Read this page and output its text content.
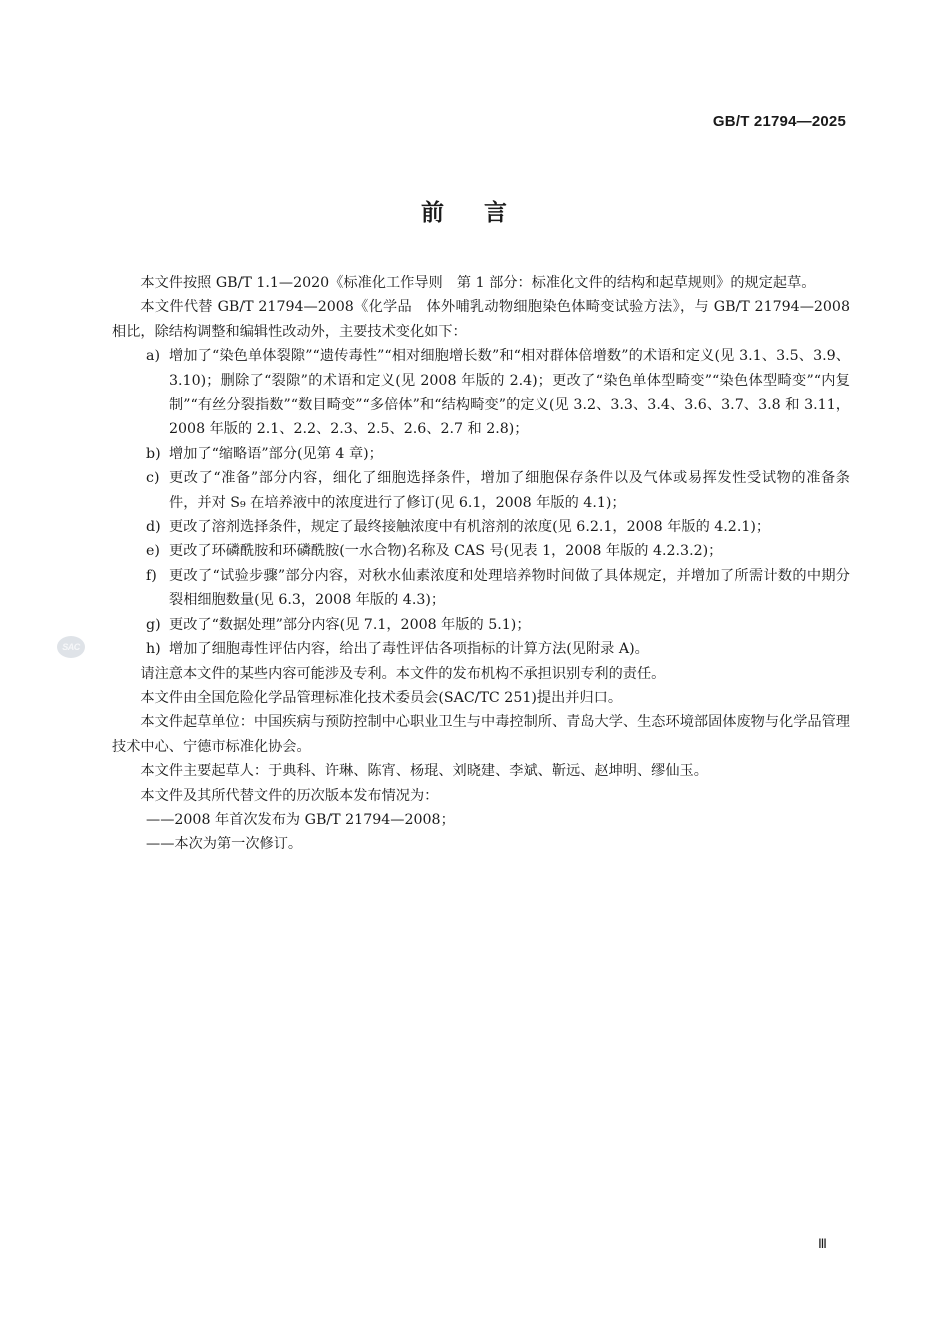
GB/T 21794—2025
前言
SAC

本文件按照 GB/T 1.1—2020《标准化工作导则　第 1 部分：标准化文件的结构和起草规则》的规定起草。

本文件代替 GB/T 21794—2008《化学品　体外哺乳动物细胞染色体畸变试验方法》，与 GB/T 21794—2008 相比，除结构调整和编辑性改动外，主要技术变化如下：

a) 增加了“染色单体裂隙”“遗传毒性”“相对细胞增长数”和“相对群体倍增数”的术语和定义(见 3.1、3.5、3.9、3.10)；删除了“裂隙”的术语和定义(见 2008 年版的 2.4)；更改了“染色单体型畸变”“染色体型畸变”“内复制”“有丝分裂指数”“数目畸变”“多倍体”和“结构畸变”的定义(见 3.2、3.3、3.4、3.6、3.7、3.8 和 3.11，2008 年版的 2.1、2.2、2.3、2.5、2.6、2.7 和 2.8)；

b) 增加了“缩略语”部分(见第 4 章)；

c) 更改了“准备”部分内容，细化了细胞选择条件，增加了细胞保存条件以及气体或易挥发性受试物的准备条件，并对 S₉ 在培养液中的浓度进行了修订(见 6.1，2008 年版的 4.1)；

d) 更改了溶剂选择条件，规定了最终接触浓度中有机溶剂的浓度(见 6.2.1，2008 年版的 4.2.1)；

e) 更改了环磷酰胺和环磷酰胺(一水合物)名称及 CAS 号(见表 1，2008 年版的 4.2.3.2)；

f) 更改了“试验步骤”部分内容，对秋水仙素浓度和处理培养物时间做了具体规定，并增加了所需计数的中期分裂相细胞数量(见 6.3，2008 年版的 4.3)；

g) 更改了“数据处理”部分内容(见 7.1，2008 年版的 5.1)；

h) 增加了细胞毒性评估内容，给出了毒性评估各项指标的计算方法(见附录 A)。

请注意本文件的某些内容可能涉及专利。本文件的发布机构不承担识别专利的责任。

本文件由全国危险化学品管理标准化技术委员会(SAC/TC 251)提出并归口。

本文件起草单位：中国疾病与预防控制中心职业卫生与中毒控制所、青岛大学、生态环境部固体废物与化学品管理技术中心、宁德市标准化协会。

本文件主要起草人：于典科、许琳、陈宵、杨琨、刘晓建、李斌、靳远、赵坤明、缪仙玉。

本文件及其所代替文件的历次版本发布情况为：

——2008 年首次发布为 GB/T 21794—2008；

——本次为第一次修订。

Ⅲ
